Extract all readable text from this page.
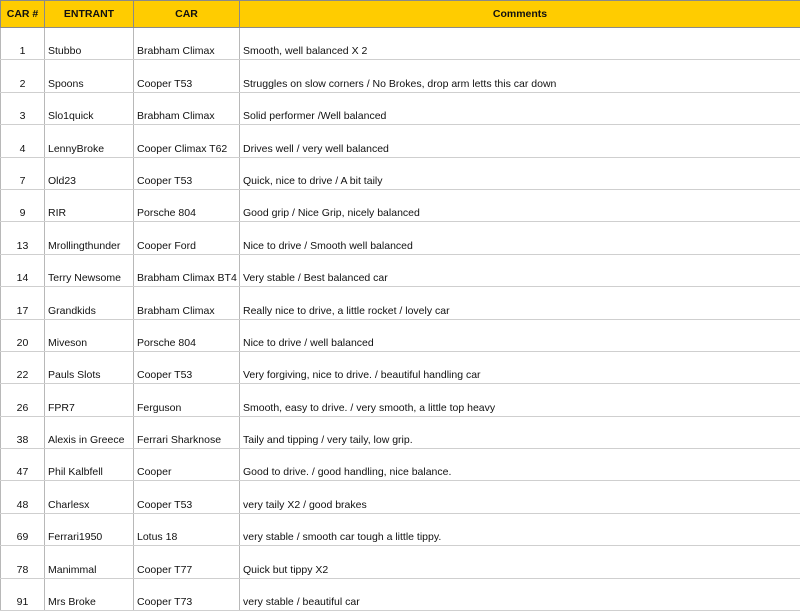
CAR #	ENTRANT	CAR	Comments
1	Stubbo	Brabham Climax	Smooth, well balanced X 2
2	Spoons	Cooper T53	Struggles on slow corners / No Brokes, drop arm letts this car down
3	Slo1quick	Brabham Climax	Solid performer /Well balanced
4	LennyBroke	Cooper Climax T62	Drives well / very well balanced
7	Old23	Cooper T53	Quick, nice to drive / A bit taily
9	RIR	Porsche 804	Good grip / Nice Grip, nicely balanced
13	Mrollingthunder	Cooper Ford	Nice to drive / Smooth well balanced
14	Terry Newsome	Brabham Climax BT4	Very stable / Best balanced car
17	Grandkids	Brabham Climax	Really nice to drive, a little rocket / lovely car
20	Miveson	Porsche 804	Nice to drive / well balanced
22	Pauls Slots	Cooper T53	Very forgiving, nice to drive. / beautiful handling car
26	FPR7	Ferguson	Smooth, easy to drive. / very smooth, a little top heavy
38	Alexis in Greece	Ferrari Sharknose	Taily and tipping / very taily, low grip.
47	Phil Kalbfell	Cooper	Good to drive. / good handling, nice balance.
48	Charlesx	Cooper T53	very taily X2 / good brakes
69	Ferrari1950	Lotus 18	very stable / smooth car tough a little tippy.
78	Manimmal	Cooper T77	Quick but tippy X2
91	Mrs Broke	Cooper T73	very stable / beautiful car
